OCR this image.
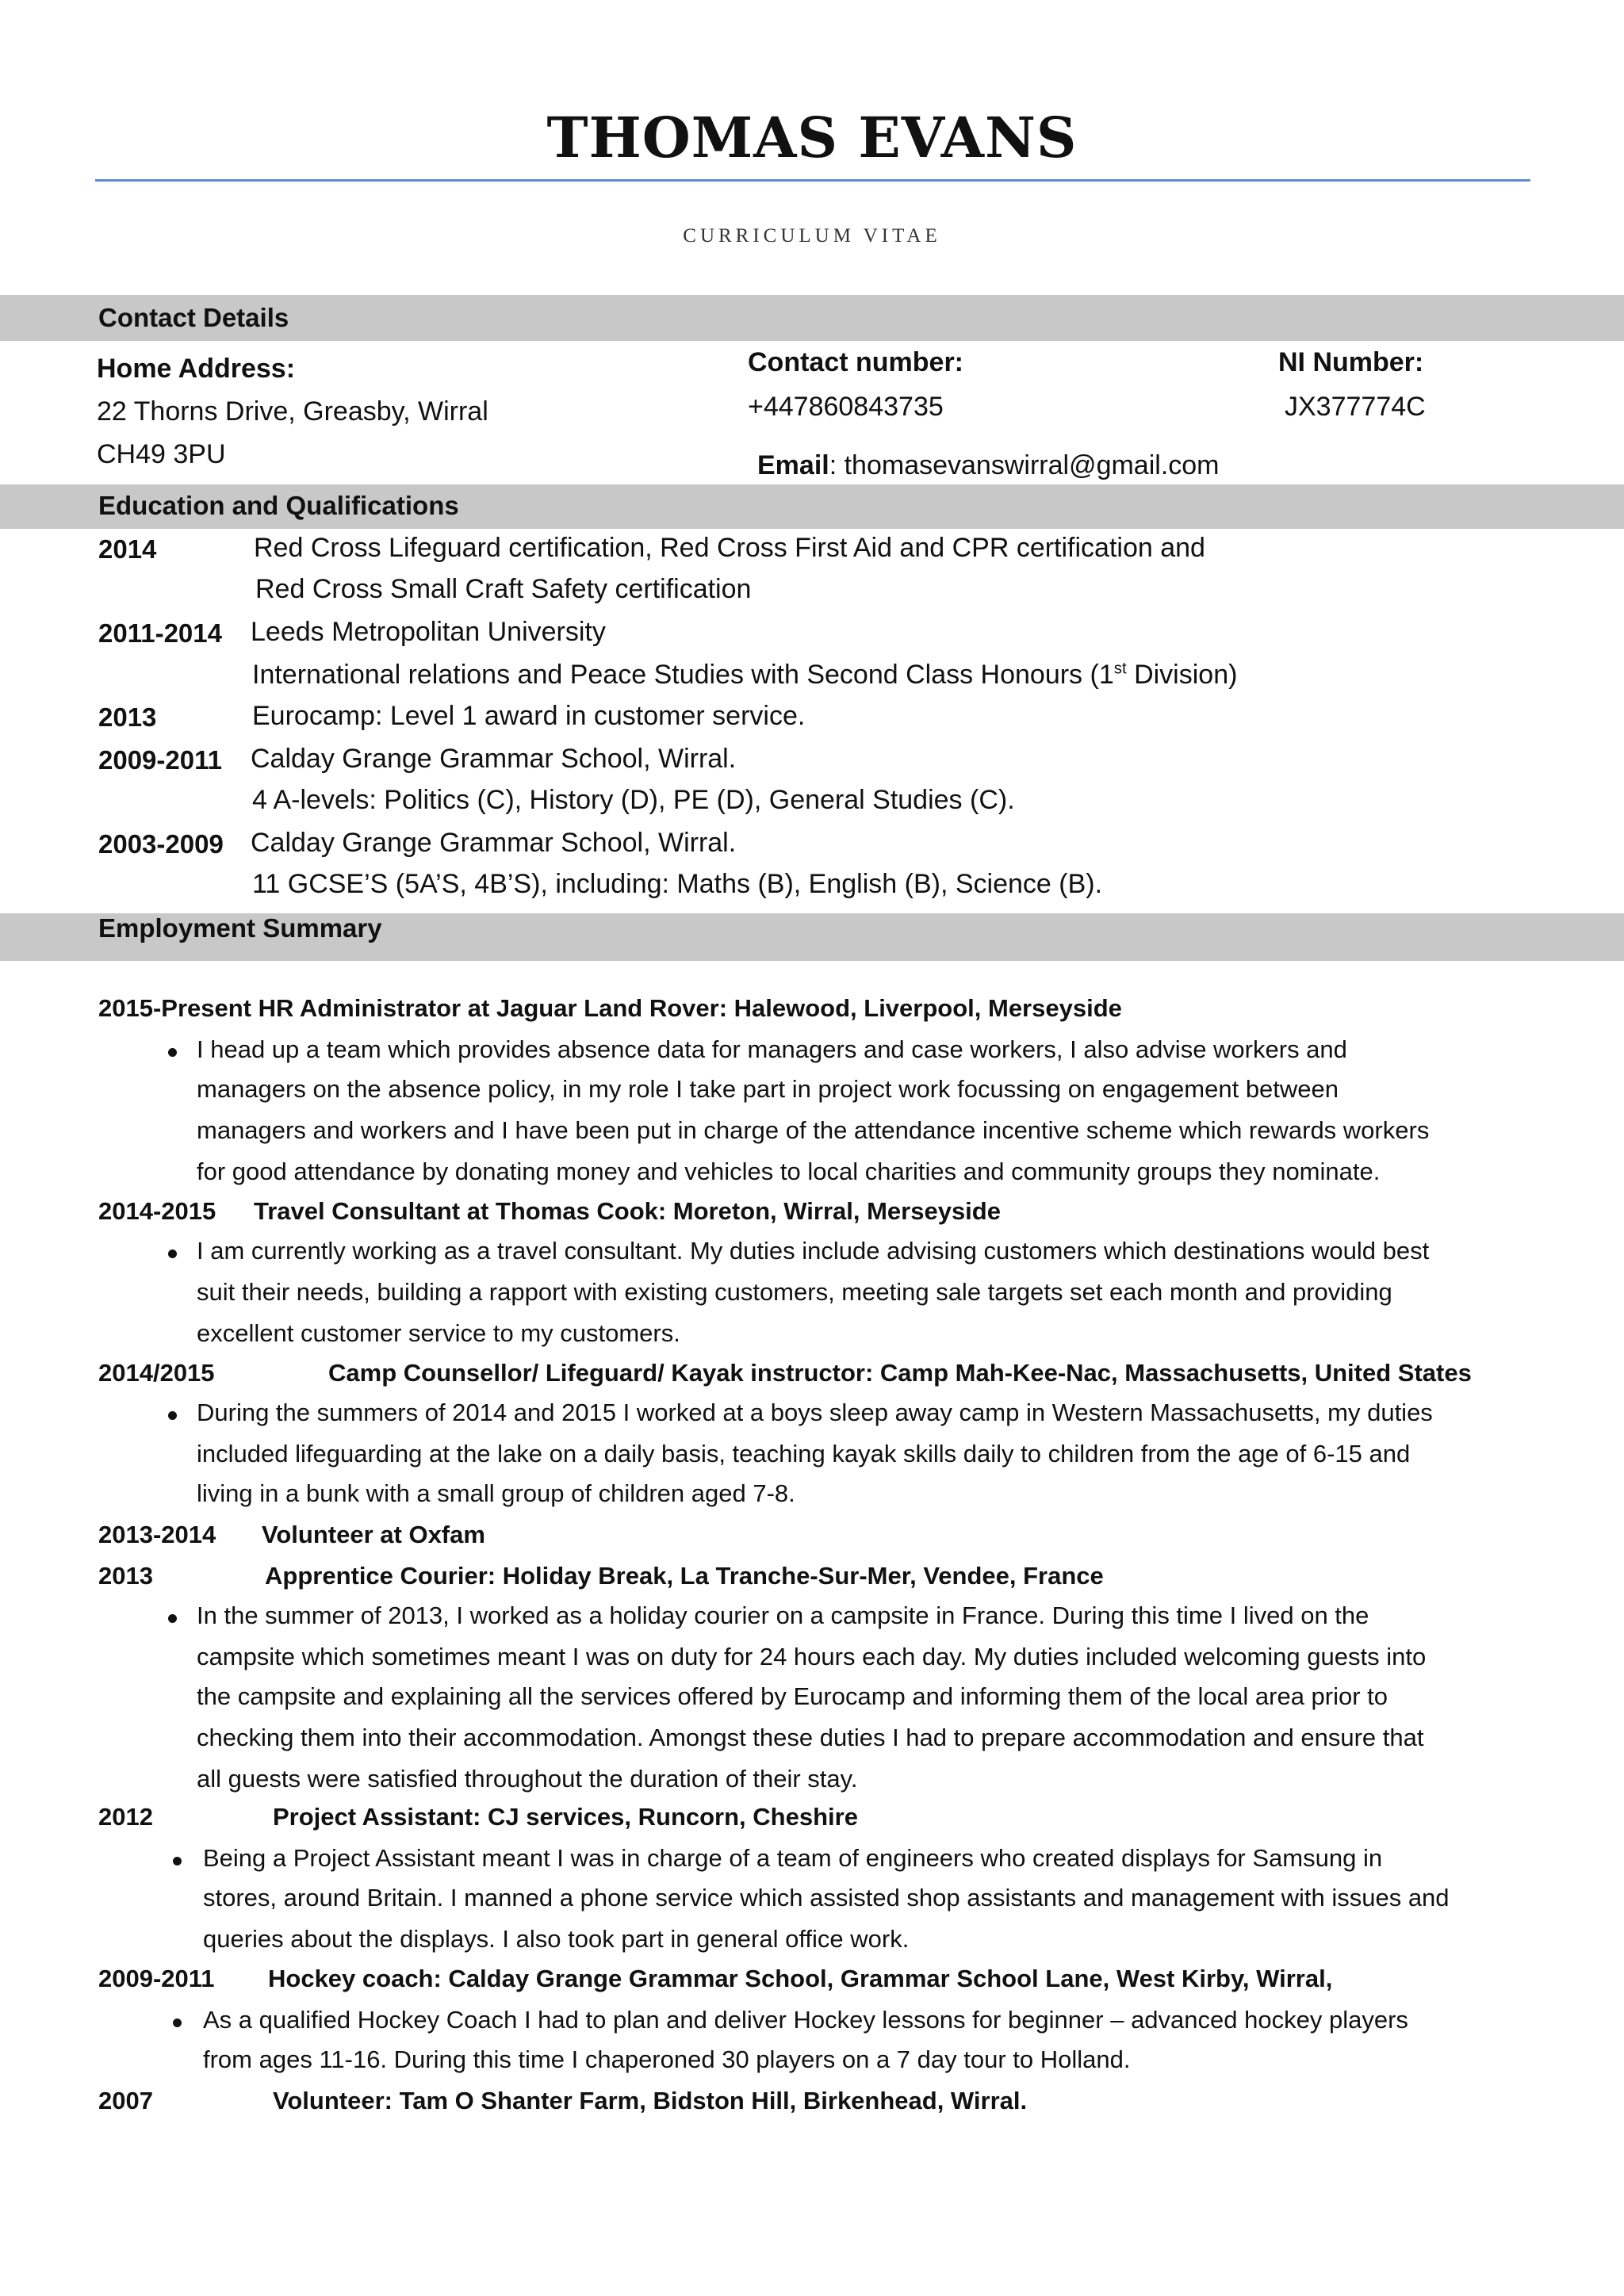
THOMAS EVANS
CURRICULUM VITAE
Contact Details
Home Address:
22 Thorns Drive, Greasby, Wirral
CH49 3PU
Contact number:
+447860843735
Email: thomasevanswirral@gmail.com
NI Number:
JX377774C
Education and Qualifications
2014	Red Cross Lifeguard certification, Red Cross First Aid and CPR certification and
Red Cross Small Craft Safety certification
2011-2014 Leeds Metropolitan University
International relations and Peace Studies with Second Class Honours (1st Division)
2013	Eurocamp: Level 1 award in customer service.
2009-2011 Calday Grange Grammar School, Wirral.
4 A-levels: Politics (C), History (D), PE (D), General Studies (C).
2003-2009 Calday Grange Grammar School, Wirral.
11 GCSE’S (5A’S, 4B’S), including: Maths (B), English (B), Science (B).
Employment Summary
2015-Present HR Administrator at Jaguar Land Rover: Halewood, Liverpool, Merseyside
I head up a team which provides absence data for managers and case workers, I also advise workers and
managers on the absence policy, in my role I take part in project work focussing on engagement between
managers and workers and I have been put in charge of the attendance incentive scheme which rewards workers
for good attendance by donating money and vehicles to local charities and community groups they nominate.
2014-2015 Travel Consultant at Thomas Cook: Moreton, Wirral, Merseyside
I am currently working as a travel consultant. My duties include advising customers which destinations would best
suit their needs, building a rapport with existing customers, meeting sale targets set each month and providing
excellent customer service to my customers.
2014/2015	Camp Counsellor/ Lifeguard/ Kayak instructor: Camp Mah-Kee-Nac, Massachusetts, United States
During the summers of 2014 and 2015 I worked at a boys sleep away camp in Western Massachusetts, my duties
included lifeguarding at the lake on a daily basis, teaching kayak skills daily to children from the age of 6-15 and
living in a bunk with a small group of children aged 7-8.
2013-2014 Volunteer at Oxfam
2013	Apprentice Courier: Holiday Break, La Tranche-Sur-Mer, Vendee, France
In the summer of 2013, I worked as a holiday courier on a campsite in France. During this time I lived on the
campsite which sometimes meant I was on duty for 24 hours each day. My duties included welcoming guests into
the campsite and explaining all the services offered by Eurocamp and informing them of the local area prior to
checking them into their accommodation. Amongst these duties I had to prepare accommodation and ensure that
all guests were satisfied throughout the duration of their stay.
2012	Project Assistant: CJ services, Runcorn, Cheshire
Being a Project Assistant meant I was in charge of a team of engineers who created displays for Samsung in
stores, around Britain. I manned a phone service which assisted shop assistants and management with issues and
queries about the displays. I also took part in general office work.
2009-2011 Hockey coach: Calday Grange Grammar School, Grammar School Lane, West Kirby, Wirral,
As a qualified Hockey Coach I had to plan and deliver Hockey lessons for beginner – advanced hockey players
from ages 11-16. During this time I chaperoned 30 players on a 7 day tour to Holland.
2007	Volunteer: Tam O Shanter Farm, Bidston Hill, Birkenhead, Wirral.
